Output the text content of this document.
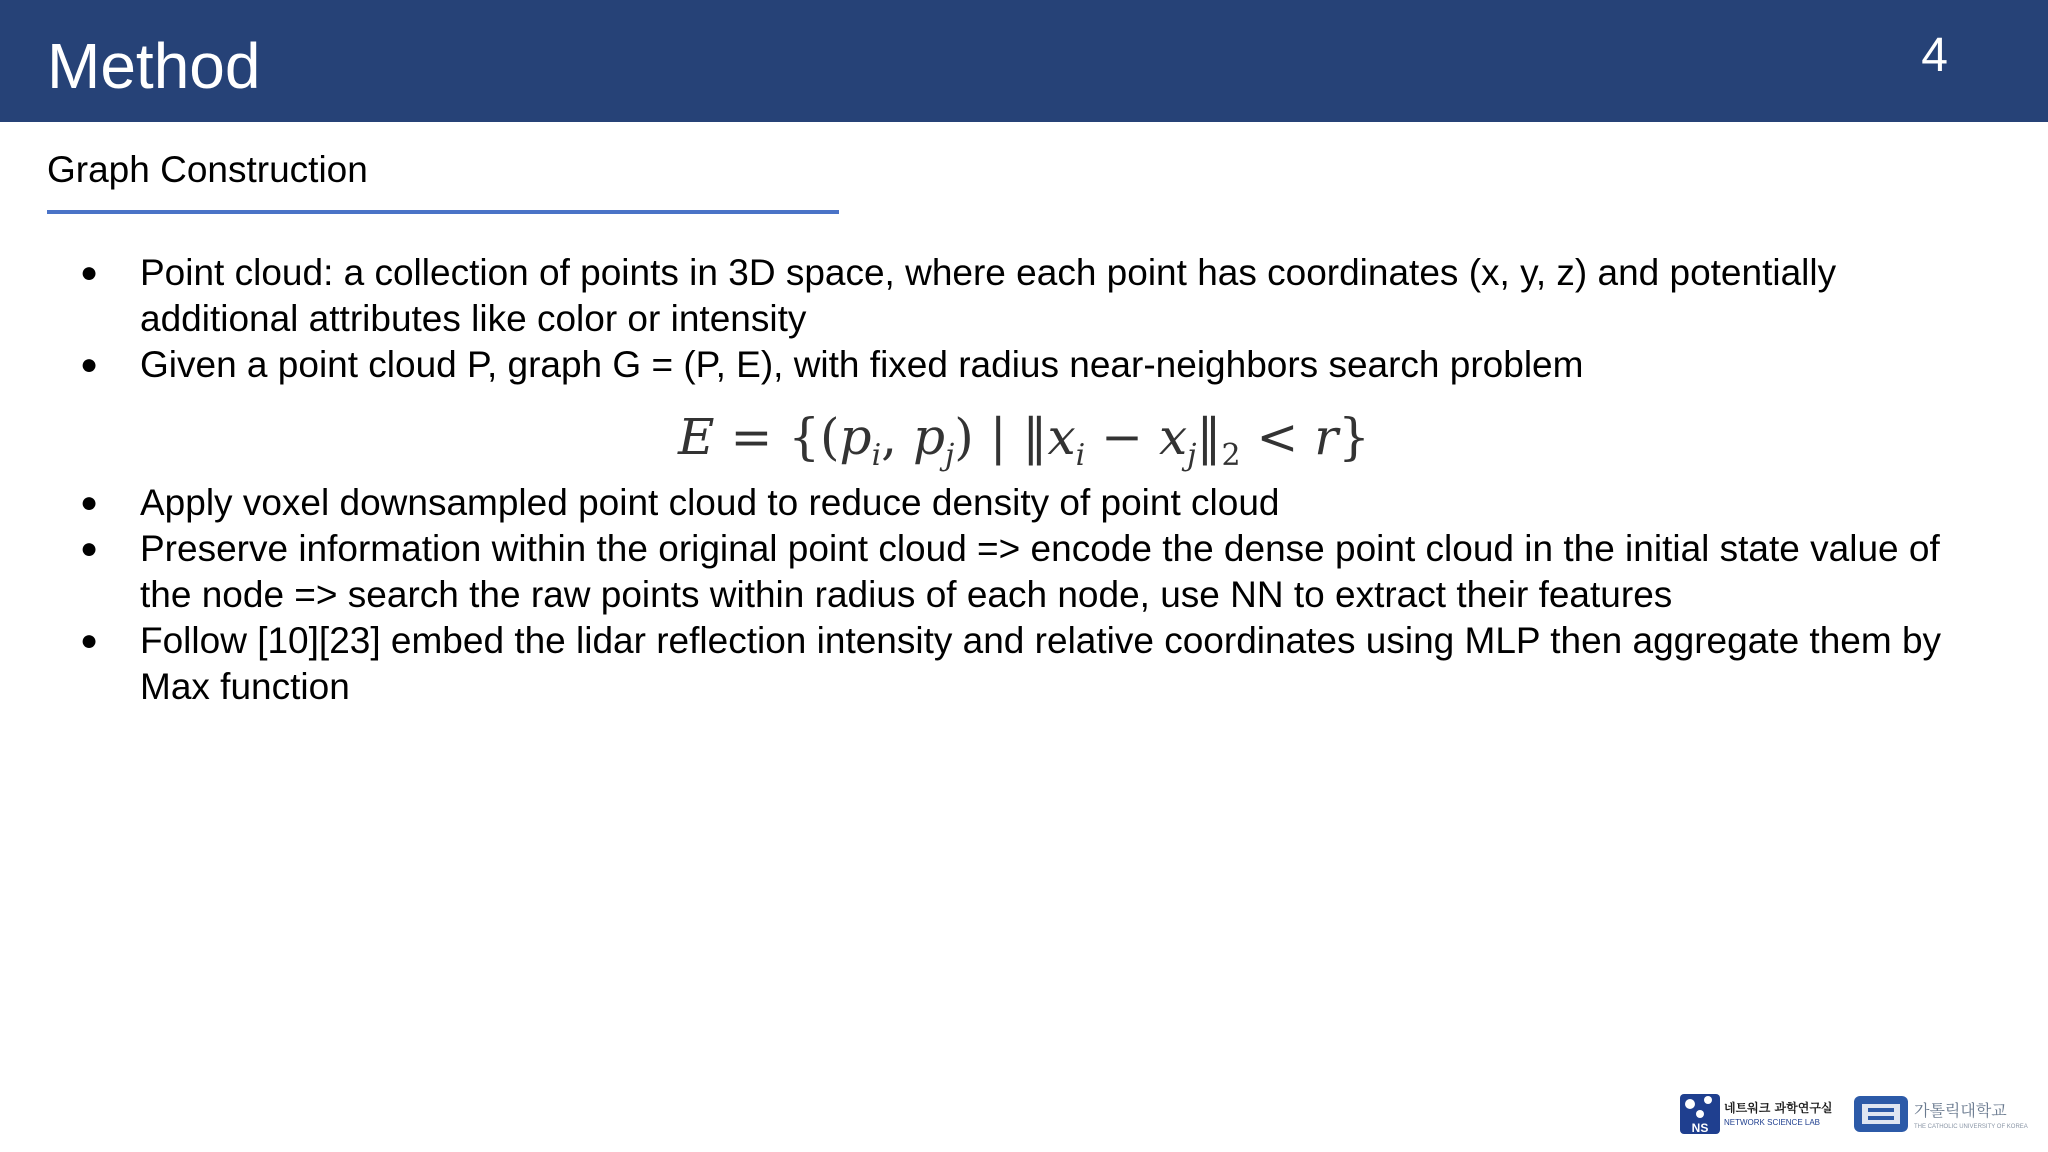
Method	4
Graph Construction
● Point cloud: a collection of points in 3D space, where each point has coordinates (x, y, z) and potentially additional attributes like color or intensity
● Given a point cloud P, graph G = (P, E), with fixed radius near-neighbors search problem
$E = \{(p_i$, $p_j$) | $‖x_i$ − $x_j‖_2 < r$}
● Apply voxel downsampled point cloud to reduce density of point cloud
● Preserve information within the original point cloud => encode the dense point cloud in the initial state value of the node => search the raw points within radius of each node, use NN to extract their features
● Follow [10][23] embed the lidar reflection intensity and relative coordinates using MLP then aggregate them by Max function
NS
네트워크 과학연구실
NETWORK SCIENCE LAB
가톨릭대학교
THE CATHOLIC UNIVERSITY OF KOREA
